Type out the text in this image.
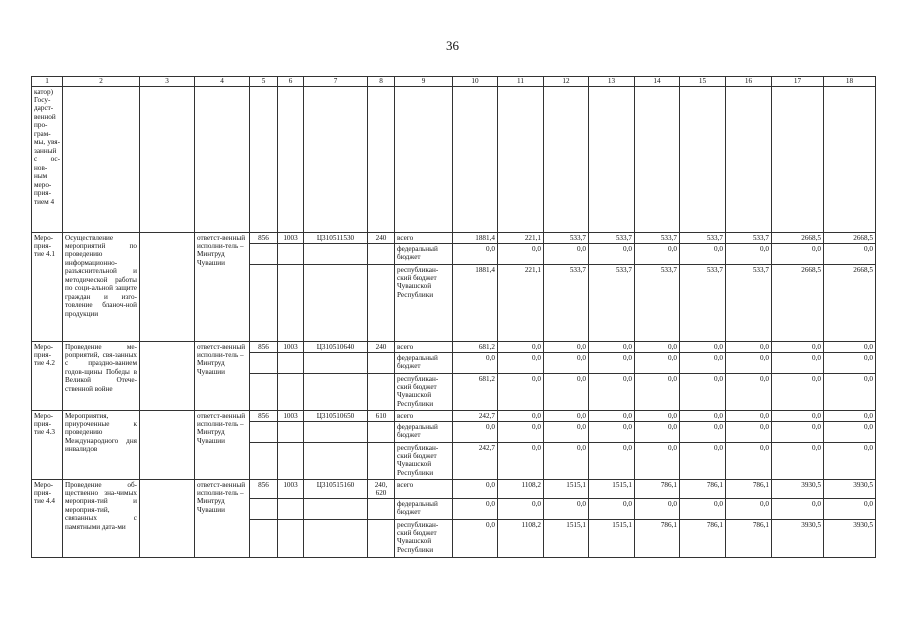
36
1	2	3	4	5	6	7	8	9	10	11	12	13	14	15	16	17	18
катор) Госу-дарст-венной про-грам-мы, увя-занный с ос-нов-ным меро-прия-тием 4																	
Меро-прия-тие 4.1	Осуществление мероприятий по проведению информационно-разъяснительной и методической работы по соци-альной защите граждан и изго-товление бланоч-ной продукции		ответст-венный исполни-тель – Минтруд Чувашии	856	1003	Ц310511530	240	всего	1881,4	221,1	533,7	533,7	533,7	533,7	533,7	2668,5	2668,5
								федеральный бюджет	0,0	0,0	0,0	0,0	0,0	0,0	0,0	0,0	0,0
								республикан-ский бюджет Чувашской Республики	1881,4	221,1	533,7	533,7	533,7	533,7	533,7	2668,5	2668,5
Меро-прия-тие 4.2	Проведение ме-роприятий, свя-занных с праздно-ванием годов-щины Победы в Великой Отече-ственной войне		ответст-венный исполни-тель – Минтруд Чувашии	856	1003	Ц310510640	240	всего	681,2	0,0	0,0	0,0	0,0	0,0	0,0	0,0	0,0
								федеральный бюджет	0,0	0,0	0,0	0,0	0,0	0,0	0,0	0,0	0,0
								республикан-ский бюджет Чувашской Республики	681,2	0,0	0,0	0,0	0,0	0,0	0,0	0,0	0,0
Меро-прия-тие 4.3	Мероприятия, приуроченные к проведению Международного дня инвалидов		ответст-венный исполни-тель – Минтруд Чувашии	856	1003	Ц310510650	610	всего	242,7	0,0	0,0	0,0	0,0	0,0	0,0	0,0	0,0
								федеральный бюджет	0,0	0,0	0,0	0,0	0,0	0,0	0,0	0,0	0,0
								республикан-ский бюджет Чувашской Республики	242,7	0,0	0,0	0,0	0,0	0,0	0,0	0,0	0,0
Меро-прия-тие 4.4	Проведение об-щественно зна-чимых мероприя-тий и мероприя-тий, связанных с памятными дата-ми		ответст-венный исполни-тель – Минтруд Чувашии	856	1003	Ц310515160	240, 620	всего	0,0	1108,2	1515,1	1515,1	786,1	786,1	786,1	3930,5	3930,5
								федеральный бюджет	0,0	0,0	0,0	0,0	0,0	0,0	0,0	0,0	0,0
								республикан-ский бюджет Чувашской Республики	0,0	1108,2	1515,1	1515,1	786,1	786,1	786,1	3930,5	3930,5
